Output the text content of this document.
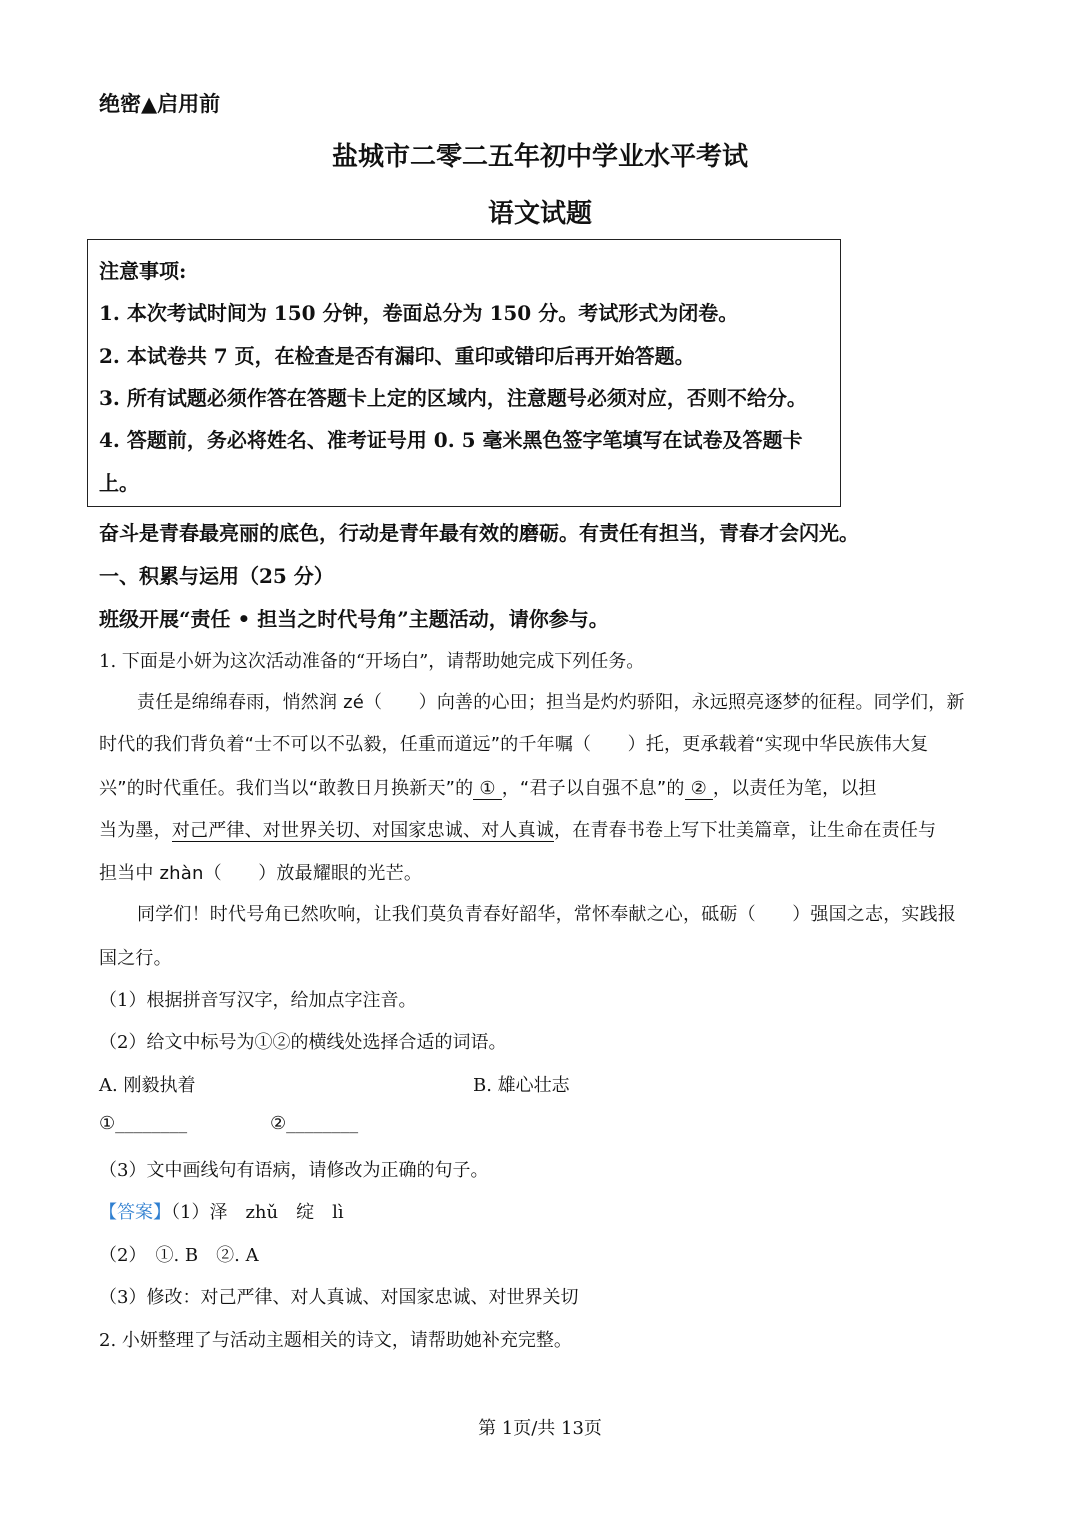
绝密▲启用前
盐城市二零二五年初中学业水平考试
语文试题
注意事项:
1. 本次考试时间为 150 分钟，卷面总分为 150 分。考试形式为闭卷。
2. 本试卷共 7 页，在检查是否有漏印、重印或错印后再开始答题。
3. 所有试题必须作答在答题卡上定的区域内，注意题号必须对应，否则不给分。
4. 答题前，务必将姓名、准考证号用 0. 5 毫米黑色签字笔填写在试卷及答题卡
上。
奋斗是青春最亮丽的底色，行动是青年最有效的磨砺。有责任有担当，青春才会闪光。
一、积累与运用（25 分）
班级开展“责任 • 担当之时代号角”主题活动，请你参与。
1. 下面是小妍为这次活动准备的“开场白”，请帮助她完成下列任务。
责任是绵绵春雨，悄然润 zé（　　）向善的心田；担当是灼灼骄阳，永远照亮逐梦的征程。同学们，新
时代的我们背负着“士不可以不弘毅，任重而道远”的千年嘱（　　）托，更承载着“实现中华民族伟大复
兴”的时代重任。我们当以“敢教日月换新天”的 ① ，“君子以自强不息”的 ② ，以责任为笔，以担
当为墨，对己严律、对世界关切、对国家忠诚、对人真诚，在青春书卷上写下壮美篇章，让生命在责任与
担当中 zhàn（　　）放最耀眼的光芒。
同学们！时代号角已然吹响，让我们莫负青春好韶华，常怀奉献之心，砥砺（　　）强国之志，实践报
国之行。
（1）根据拼音写汉字，给加点字注音。
（2）给文中标号为①②的横线处选择合适的词语。
A. 刚毅执着	B. 雄心壮志
①________	②________
（3）文中画线句有语病，请修改为正确的句子。
【答案】（1）泽　zhǔ　绽　lì
（2）　①. B　②. A
（3）修改：对己严律、对人真诚、对国家忠诚、对世界关切
2. 小妍整理了与活动主题相关的诗文，请帮助她补充完整。
第 1页/共 13页
